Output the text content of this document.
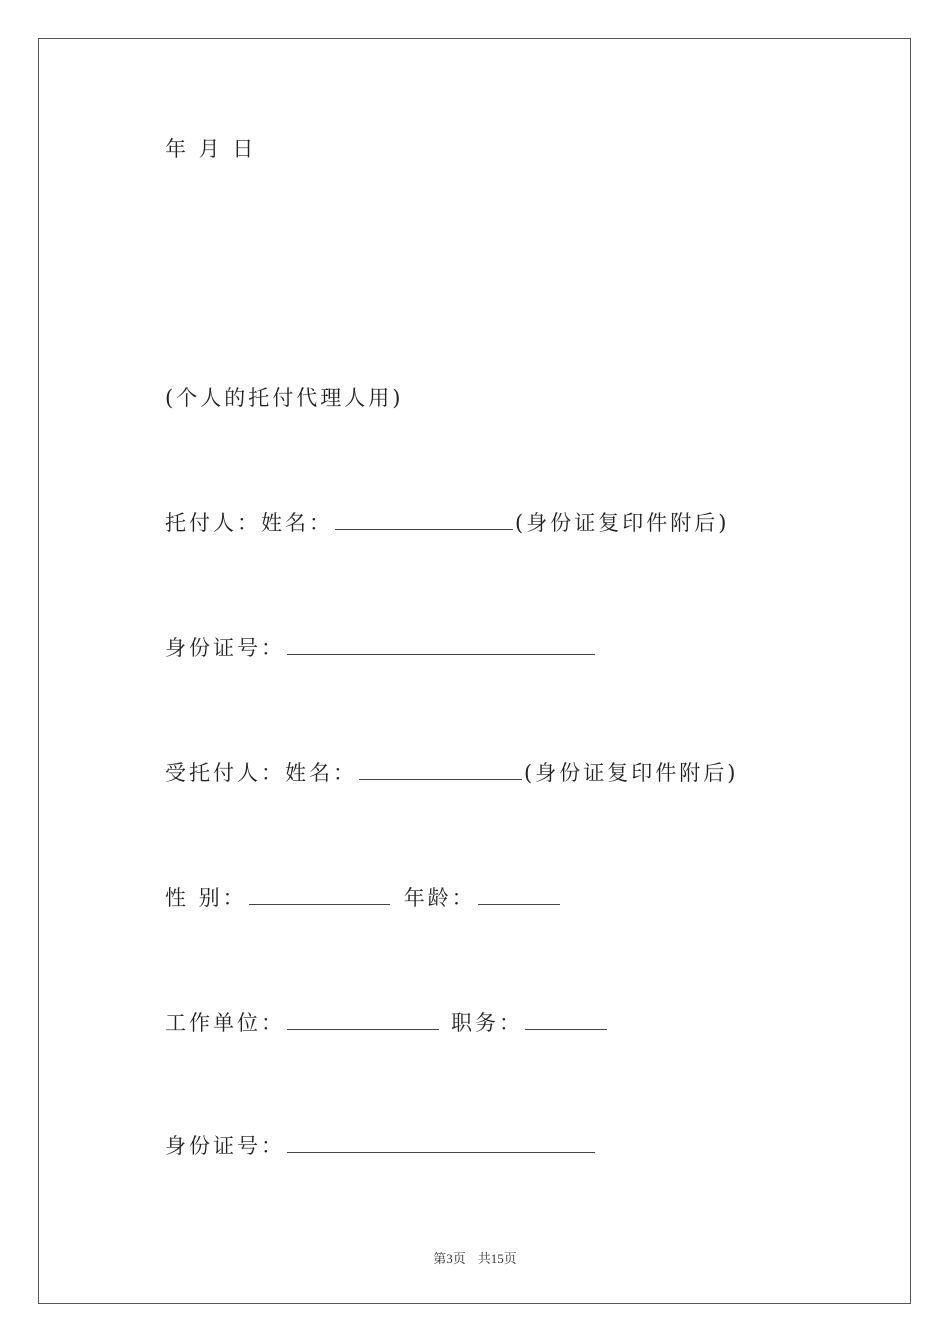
年 月 日
(个人的托付代理人用)
托付人：姓名：	(身份证复印件附后)
身份证号：
受托付人：姓名：	(身份证复印件附后)
性 别：	年龄：
工作单位：	职务：
身份证号：
第3页 共15页
